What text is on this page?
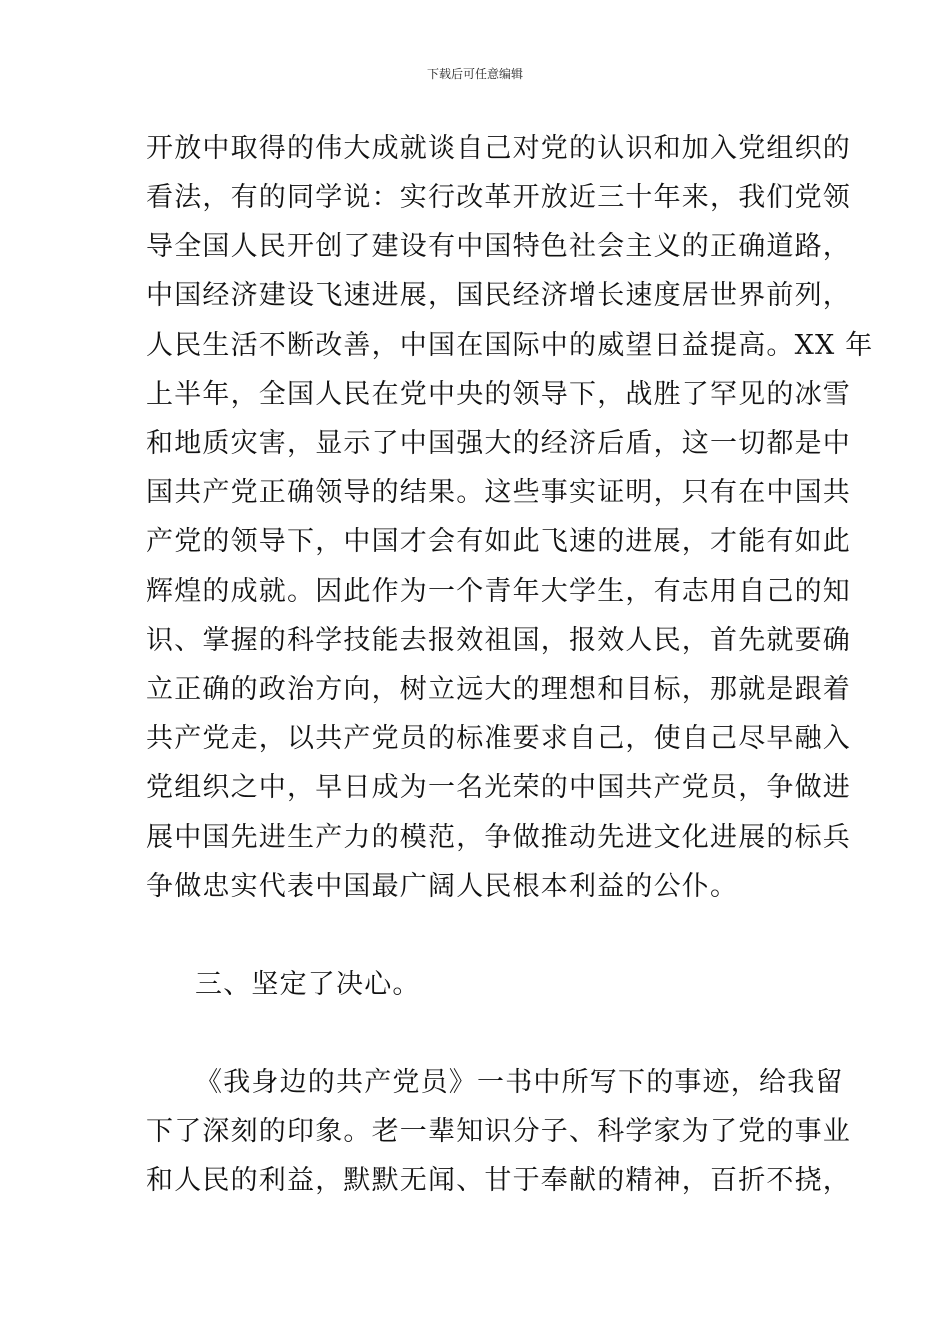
下载后可任意编辑
开放中取得的伟大成就谈自己对党的认识和加入党组织的
看法，有的同学说：实行改革开放近三十年来，我们党领
导全国人民开创了建设有中国特色社会主义的正确道路，
中国经济建设飞速进展，国民经济增长速度居世界前列，
人民生活不断改善，中国在国际中的威望日益提高。XX 年
上半年，全国人民在党中央的领导下，战胜了罕见的冰雪
和地质灾害，显示了中国强大的经济后盾，这一切都是中
国共产党正确领导的结果。这些事实证明，只有在中国共
产党的领导下，中国才会有如此飞速的进展，才能有如此
辉煌的成就。因此作为一个青年大学生，有志用自己的知
识、掌握的科学技能去报效祖国，报效人民，首先就要确
立正确的政治方向，树立远大的理想和目标，那就是跟着
共产党走，以共产党员的标准要求自己，使自己尽早融入
党组织之中，早日成为一名光荣的中国共产党员，争做进
展中国先进生产力的模范，争做推动先进文化进展的标兵
争做忠实代表中国最广阔人民根本利益的公仆。
三、坚定了决心。
《我身边的共产党员》一书中所写下的事迹，给我留
下了深刻的印象。老一辈知识分子、科学家为了党的事业
和人民的利益，默默无闻、甘于奉献的精神，百折不挠，
